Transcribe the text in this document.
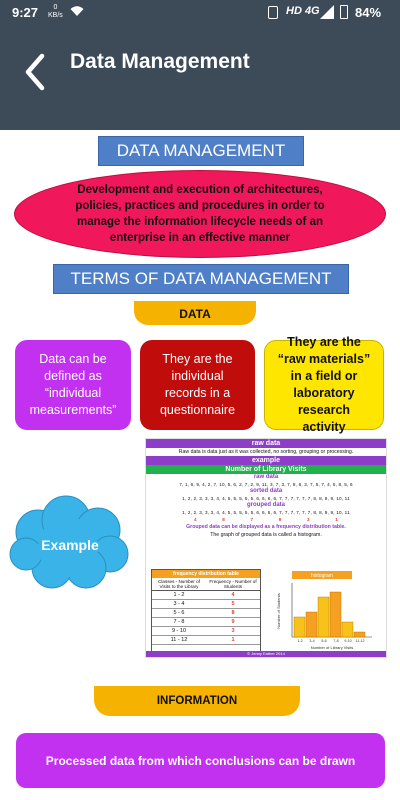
9:27	0
KB/s	HD 4G	84%
Data Management
DATA MANAGEMENT
Development and execution of architectures, policies, practices and procedures in order to manage the information lifecycle needs of an enterprise in an effective manner
TERMS OF DATA MANAGEMENT
DATA
Data can be defined as “individual measurements”
They are the individual records in a questionnaire
They are the “raw materials” in a field or laboratory research activity
Example
raw data
Raw data is data just as it was collected, no sorting, grouping or processing.
example
Number of Library Visits
raw data
7, 1, 6, 9, 4, 2, 7, 10, 5, 6, 2, 7, 2, 9, 11, 3, 7, 3, 7, 8, 6, 3, 7, 5, 7, 4, 5, 8, 5, 6
sorted data
1, 2, 2, 3, 3, 3, 4, 4, 5, 5, 5, 5, 5, 6, 6, 6, 6, 7, 7, 7, 7, 7, 7, 8, 8, 9, 9, 10, 11
grouped data
1, 2, 2, 3, 3, 3, 4, 4, 5, 5, 5, 5, 5, 6, 6, 6, 6, 7, 7, 7, 7, 7, 7, 8, 8, 9, 9, 10, 11
4	8	7	9	3	1
Grouped data can be displayed as a frequency distribution table.
The graph of grouped data is called a histogram.
frequency distribution table
Classes - Number of Visits to the Library
Frequency - Number of Students
1 - 2	4
3 - 4	5
5 - 6	8
7 - 8	9
9 - 10	3
11 - 12	1
histogram
1-2 3-4 5-6 7-8 9-10 11-12
Number of Library Visits
Number of Students
© Jenny Eather 2014
INFORMATION
Processed data from which conclusions can be drawn
